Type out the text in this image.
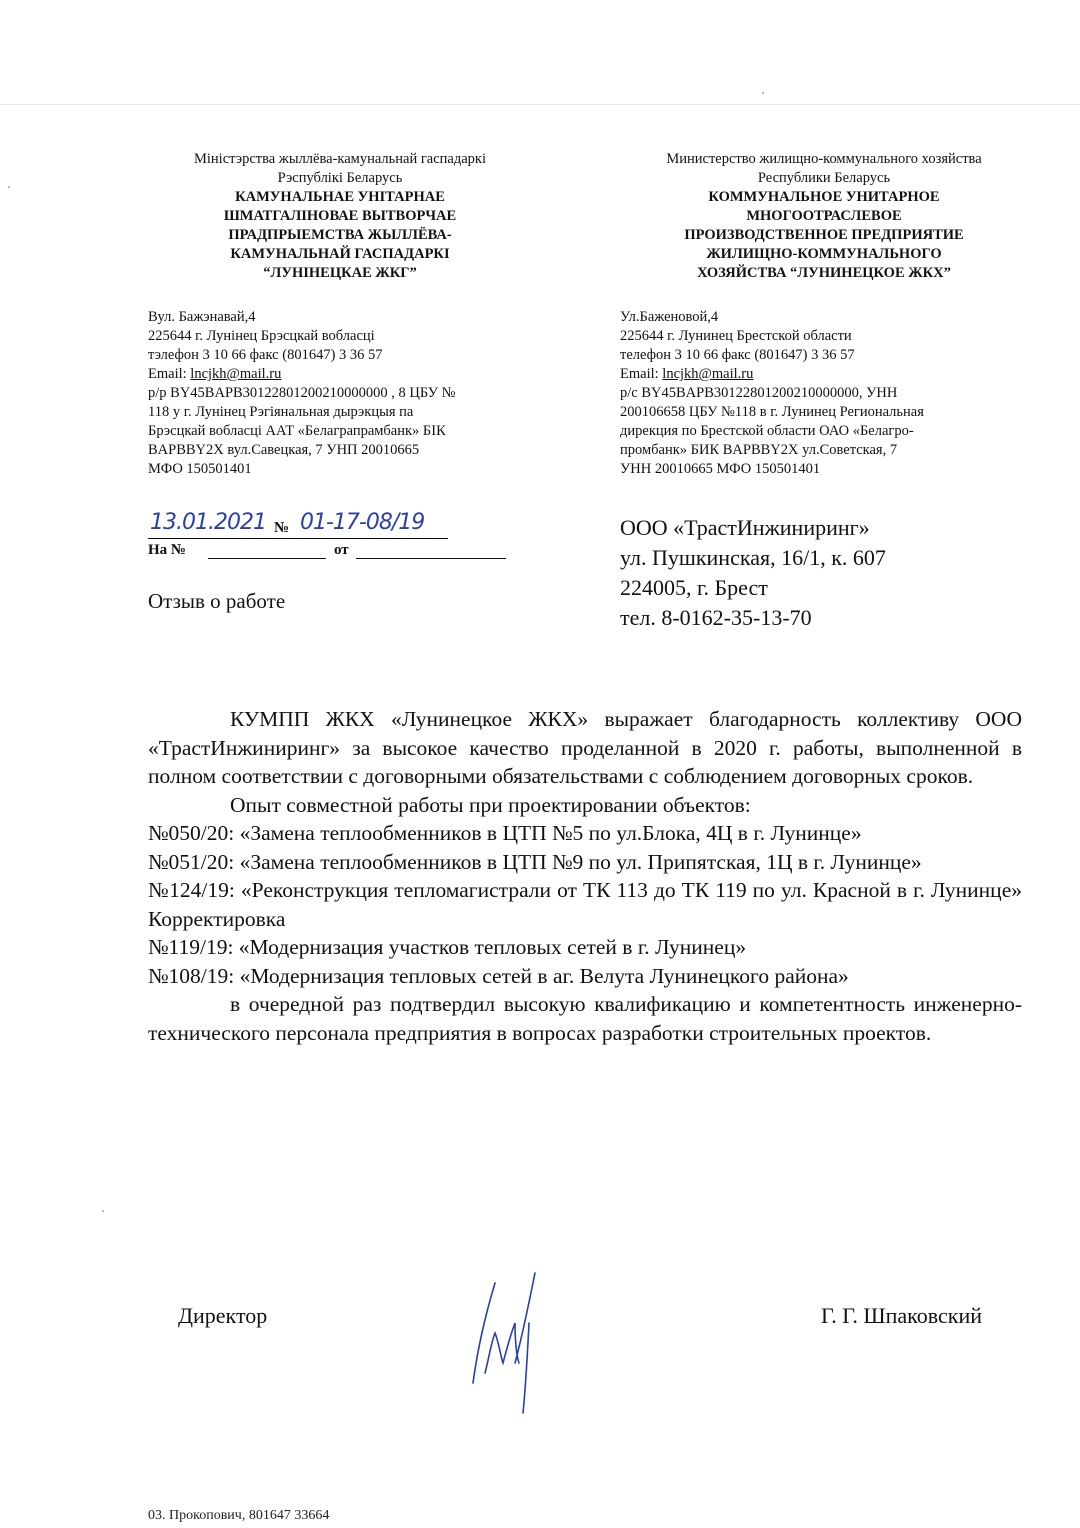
Міністэрства жыллёва-камунальнай гаспадаркі
Рэспублікі Беларусь
КАМУНАЛЬНАЕ УНІТАРНАЕ
ШМАТГАЛІНОВАЕ ВЫТВОРЧАЕ
ПРАДПРЫЕМСТВА ЖЫЛЛЁВА-
КАМУНАЛЬНАЙ ГАСПАДАРКІ
“ЛУНІНЕЦКАЕ ЖКГ”
Министерство жилищно-коммунального хозяйства
Республики Беларусь
КОММУНАЛЬНОЕ УНИТАРНОЕ
МНОГООТРАСЛЕВОЕ
ПРОИЗВОДСТВЕННОЕ ПРЕДПРИЯТИЕ
ЖИЛИЩНО-КОММУНАЛЬНОГО
ХОЗЯЙСТВА “ЛУНИНЕЦКОЕ ЖКХ”
Вул. Бажэнавай,4
225644 г. Лунінец Брэсцкай вобласці
тэлефон 3 10 66 факс (801647) 3 36 57
Email: lncjkh@mail.ru
р/р BY45BAPB30122801200210000000 , 8 ЦБУ №
118 у г. Лунінец Рэгіянальная дырэкцыя па
Брэсцкай вобласці ААТ «Белаграпрамбанк» БІК
BAPBBY2X вул.Савецкая, 7 УНП 20010665
МФО 150501401
Ул.Баженовой,4
225644 г. Лунинец Брестской области
телефон 3 10 66 факс (801647) 3 36 57
Email: lncjkh@mail.ru
р/с BY45BAPB30122801200210000000, УНН
200106658 ЦБУ №118 в г. Лунинец Региональная
дирекция по Брестской области ОАО «Белагро-
промбанк» БИК BAPBBY2X ул.Советская, 7
УНН 20010665 МФО 150501401
13.01.2021 № 01-17-08/19
На №	от
Отзыв о работе
ООО «ТрастИнжиниринг»
ул. Пушкинская, 16/1, к. 607
224005, г. Брест
тел. 8-0162-35-13-70

КУМПП ЖКХ «Лунинецкое ЖКХ» выражает благодарность коллективу ООО «ТрастИнжиниринг» за высокое качество проделанной в 2020 г. работы, выполненной в полном соответствии с договорными обязательствами с соблюдением договорных сроков.

Опыт совместной работы при проектировании объектов:

№050/20: «Замена теплообменников в ЦТП №5 по ул.Блока, 4Ц в г. Лунинце»

№051/20: «Замена теплообменников в ЦТП №9 по ул. Припятская, 1Ц в г. Лунинце»

№124/19: «Реконструкция тепломагистрали от ТК 113 до ТК 119 по ул. Красной в г. Лунинце» Корректировка

№119/19: «Модернизация участков тепловых сетей в г. Лунинец»

№108/19: «Модернизация тепловых сетей в аг. Велута Лунинецкого района»

в очередной раз подтвердил высокую квалификацию и компетентность инженерно-технического персонала предприятия в вопросах разработки строительных проектов.

Директор	Г. Г. Шпаковский
03. Прокопович, 801647 33664
